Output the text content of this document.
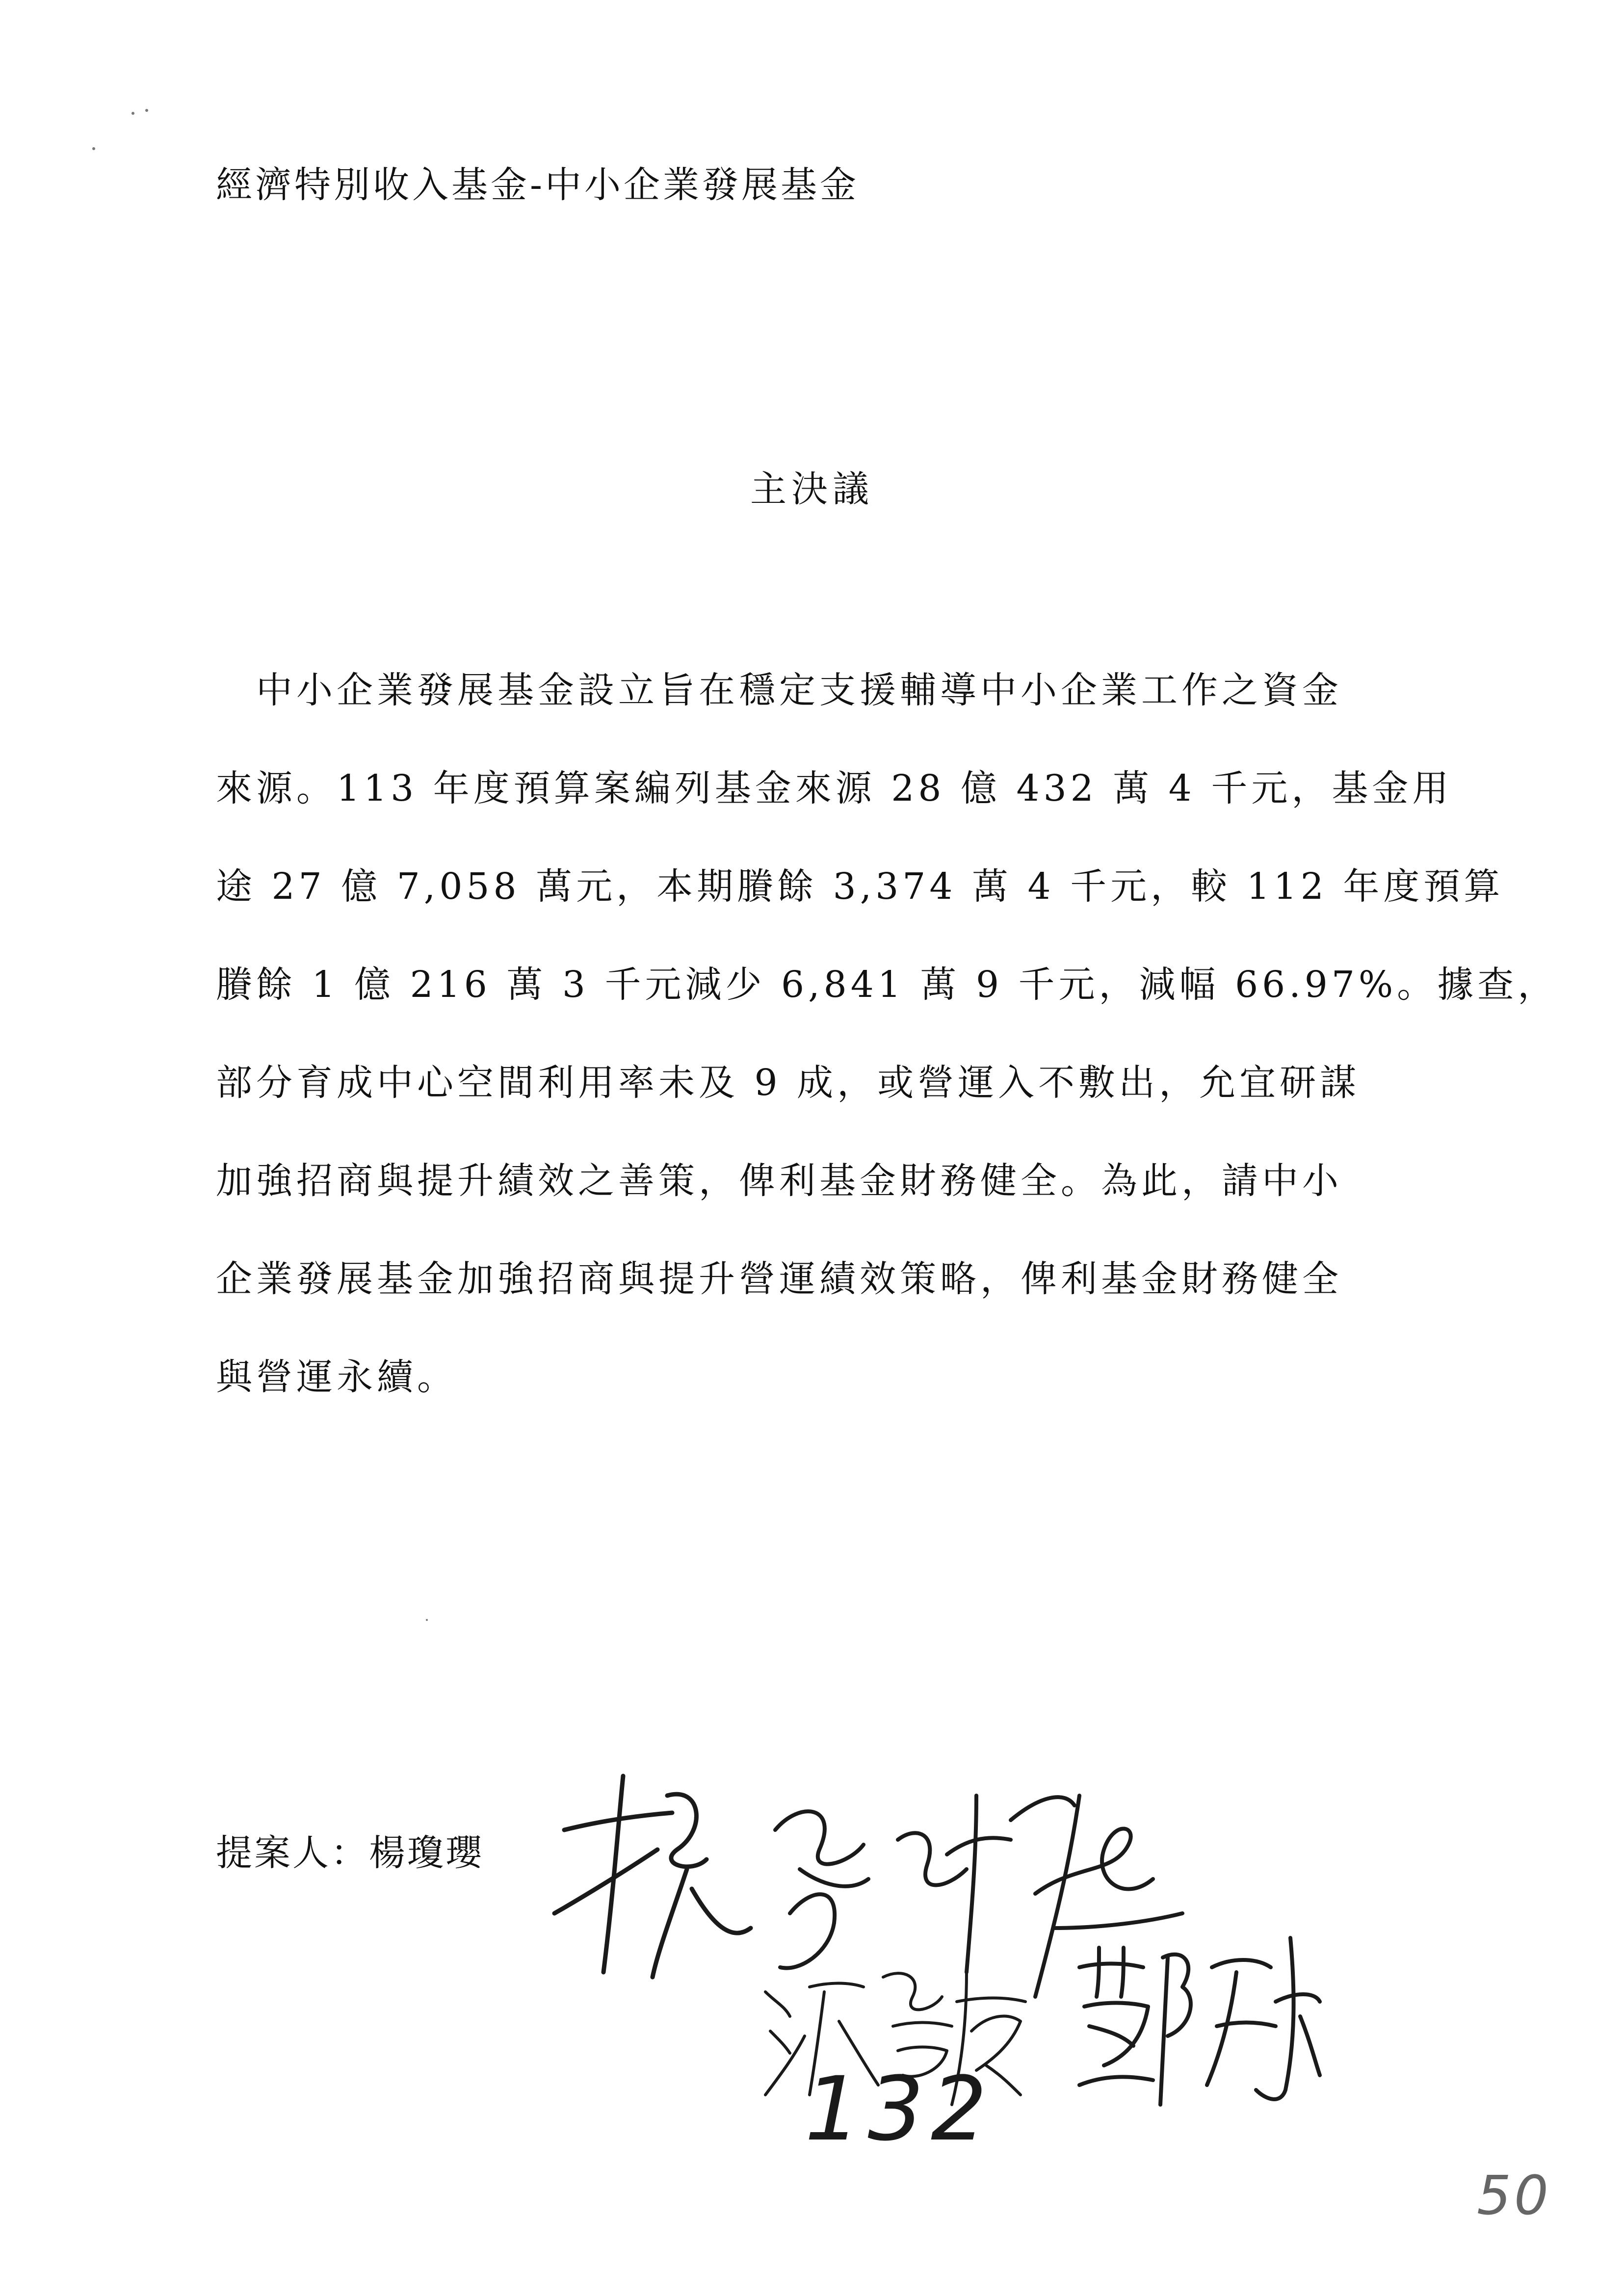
經濟特別收入基金-中小企業發展基金
主決議
　中小企業發展基金設立旨在穩定支援輔導中小企業工作之資金
來源。113 年度預算案編列基金來源 28 億 432 萬 4 千元，基金用
途 27 億 7,058 萬元，本期賸餘 3,374 萬 4 千元，較 112 年度預算
賸餘 1 億 216 萬 3 千元減少 6,841 萬 9 千元，減幅 66.97%。據查，
部分育成中心空間利用率未及 9 成，或營運入不敷出，允宜研謀
加強招商與提升績效之善策，俾利基金財務健全。為此，請中小
企業發展基金加強招商與提升營運績效策略，俾利基金財務健全
與營運永續。
提案人：楊瓊瓔
132
50
